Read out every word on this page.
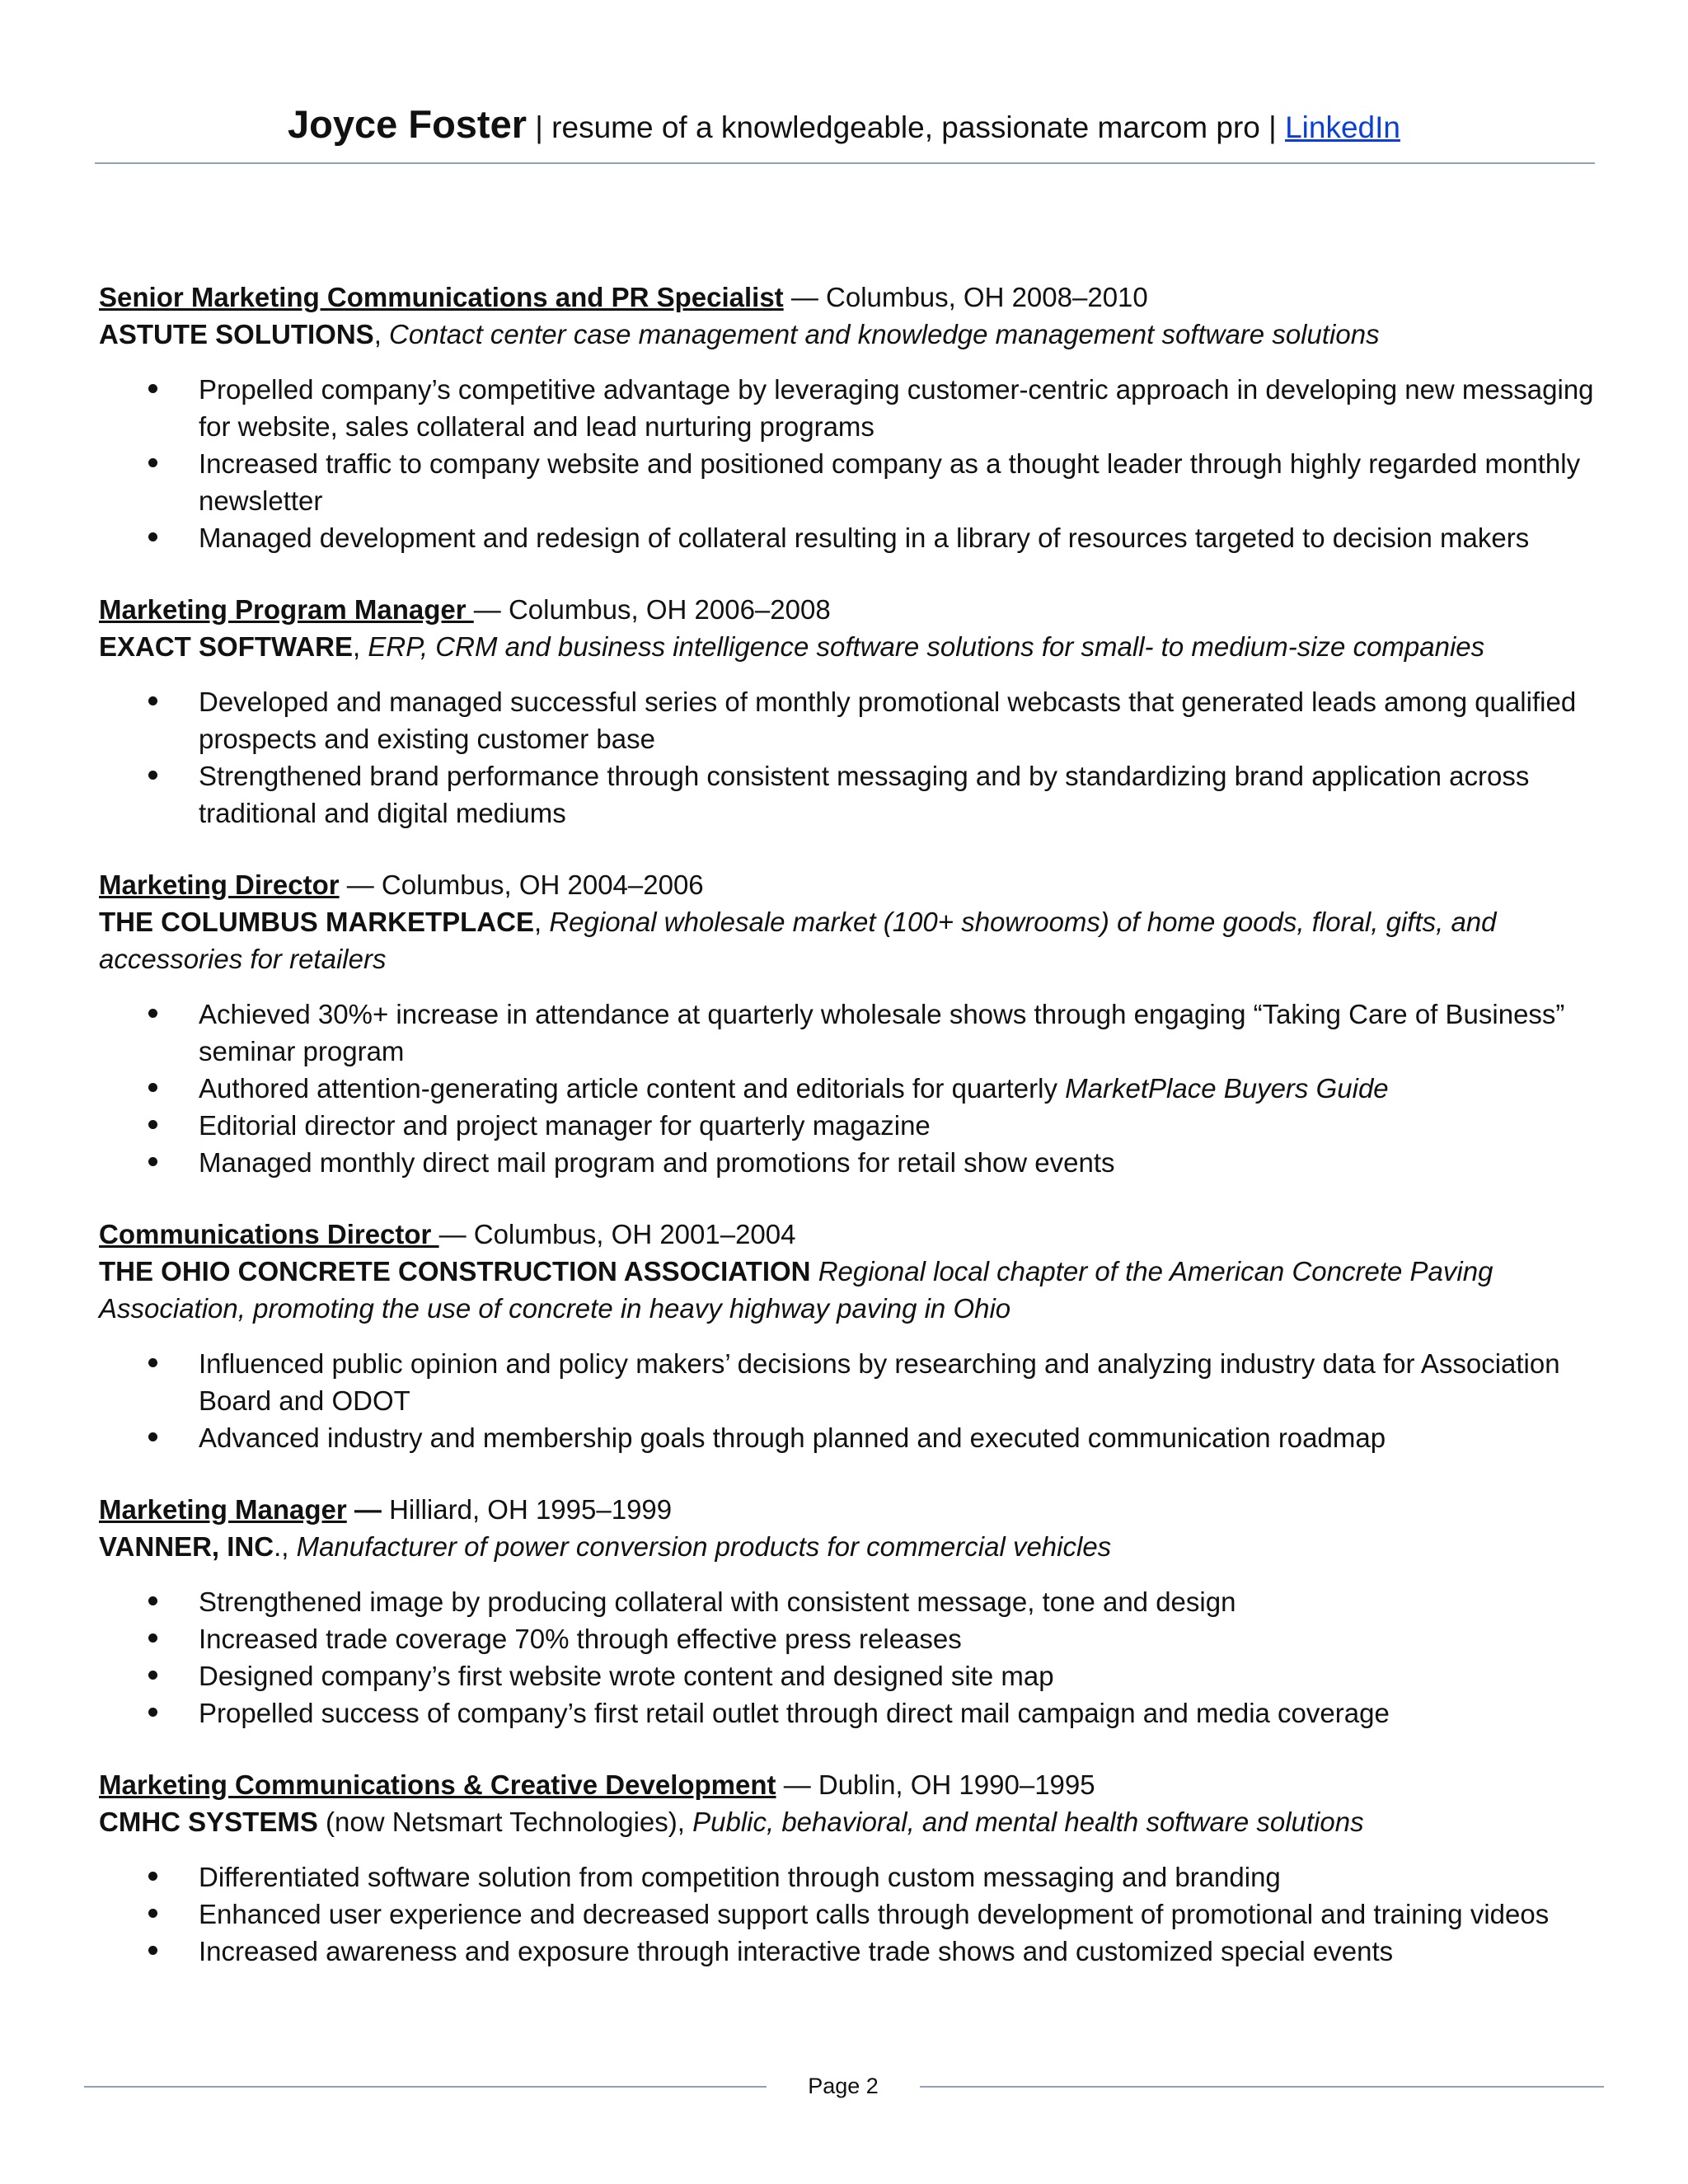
Joyce Foster | resume of a knowledgeable, passionate marcom pro | LinkedIn
Senior Marketing Communications and PR Specialist — Columbus, OH 2008–2010
ASTUTE SOLUTIONS, Contact center case management and knowledge management software solutions
Propelled company’s competitive advantage by leveraging customer-centric approach in developing new messaging for website, sales collateral and lead nurturing programs
Increased traffic to company website and positioned company as a thought leader through highly regarded monthly newsletter
Managed development and redesign of collateral resulting in a library of resources targeted to decision makers
Marketing Program Manager — Columbus, OH 2006–2008
EXACT SOFTWARE, ERP, CRM and business intelligence software solutions for small- to medium-size companies
Developed and managed successful series of monthly promotional webcasts that generated leads among qualified prospects and existing customer base
Strengthened brand performance through consistent messaging and by standardizing brand application across traditional and digital mediums
Marketing Director — Columbus, OH 2004–2006
THE COLUMBUS MARKETPLACE, Regional wholesale market (100+ showrooms) of home goods, floral, gifts, and accessories for retailers
Achieved 30%+ increase in attendance at quarterly wholesale shows through engaging “Taking Care of Business” seminar program
Authored attention-generating article content and editorials for quarterly MarketPlace Buyers Guide
Editorial director and project manager for quarterly magazine
Managed monthly direct mail program and promotions for retail show events
Communications Director — Columbus, OH 2001–2004
THE OHIO CONCRETE CONSTRUCTION ASSOCIATION Regional local chapter of the American Concrete Paving Association, promoting the use of concrete in heavy highway paving in Ohio
Influenced public opinion and policy makers’ decisions by researching and analyzing industry data for Association Board and ODOT
Advanced industry and membership goals through planned and executed communication roadmap
Marketing Manager — Hilliard, OH 1995–1999
VANNER, INC., Manufacturer of power conversion products for commercial vehicles
Strengthened image by producing collateral with consistent message, tone and design
Increased trade coverage 70% through effective press releases
Designed company’s first website wrote content and designed site map
Propelled success of company’s first retail outlet through direct mail campaign and media coverage
Marketing Communications & Creative Development — Dublin, OH 1990–1995
CMHC SYSTEMS (now Netsmart Technologies), Public, behavioral, and mental health software solutions
Differentiated software solution from competition through custom messaging and branding
Enhanced user experience and decreased support calls through development of promotional and training videos
Increased awareness and exposure through interactive trade shows and customized special events
Page 2
